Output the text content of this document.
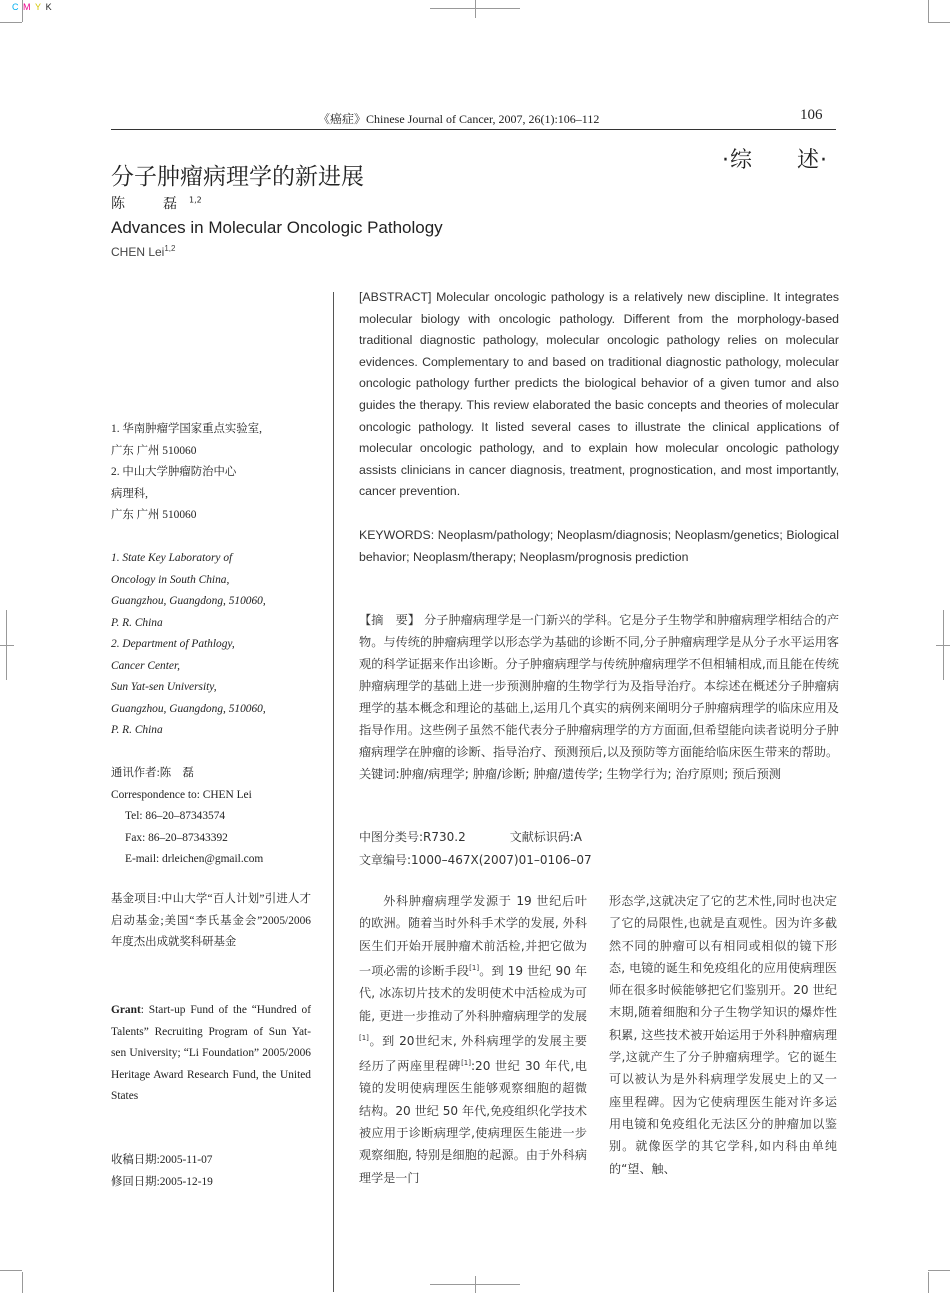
C M Y K
《癌症》Chinese Journal of Cancer, 2007, 26(1):106–112	106
·综 述·
分子肿瘤病理学的新进展
陈　磊$^{1,2}$
Advances in Molecular Oncologic Pathology
CHEN Lei$^{1,2}$
1. 华南肿瘤学国家重点实验室,
广东 广州 510060
2. 中山大学肿瘤防治中心
病理科,
广东 广州 510060
1. State Key Laboratory of
Oncology in South China,
Guangzhou, Guangdong, 510060,
P. R. China
2. Department of Pathlogy,
Cancer Center,
Sun Yat-sen University,
Guangzhou, Guangdong, 510060,
P. R. China
通讯作者:陈　磊
Correspondence to: CHEN Lei
Tel: 86–20–87343574
Fax: 86–20–87343392
E-mail: drleichen@gmail.com
基金项目:中山大学“百人计划”引进人才启动基金;美国“李氏基金会”2005/2006 年度杰出成就奖科研基金
Grant: Start-up Fund of the “Hundred of Talents” Recruiting Program of Sun Yat-sen University; “Li Foundation” 2005/2006 Heritage Award Research Fund, the United States
收稿日期:2005-11-07
修回日期:2005-12-19
[ABSTRACT] Molecular oncologic pathology is a relatively new discipline. It integrates molecular biology with oncologic pathology. Different from the morphology-based traditional diagnostic pathology, molecular oncologic pathology relies on molecular evidences. Complementary to and based on traditional diagnostic pathology, molecular oncologic pathology further predicts the biological behavior of a given tumor and also guides the therapy. This review elaborated the basic concepts and theories of molecular oncologic pathology. It listed several cases to illustrate the clinical applications of molecular oncologic pathology, and to explain how molecular oncologic pathology assists clinicians in cancer diagnosis, treatment, prognostication, and most importantly, cancer prevention.
KEYWORDS: Neoplasm/pathology; Neoplasm/diagnosis; Neoplasm/genetics; Biological behavior; Neoplasm/therapy; Neoplasm/prognosis prediction
【摘　要】 分子肿瘤病理学是一门新兴的学科。它是分子生物学和肿瘤病理学相结合的产物。与传统的肿瘤病理学以形态学为基础的诊断不同,分子肿瘤病理学是从分子水平运用客观的科学证据来作出诊断。分子肿瘤病理学与传统肿瘤病理学不但相辅相成,而且能在传统肿瘤病理学的基础上进一步预测肿瘤的生物学行为及指导治疗。本综述在概述分子肿瘤病理学的基本概念和理论的基础上,运用几个真实的病例来阐明分子肿瘤病理学的临床应用及指导作用。这些例子虽然不能代表分子肿瘤病理学的方方面面,但希望能向读者说明分子肿瘤病理学在肿瘤的诊断、指导治疗、预测预后,以及预防等方面能给临床医生带来的帮助。
关键词:肿瘤/病理学; 肿瘤/诊断; 肿瘤/遗传学; 生物学行为; 治疗原则; 预后预测
中图分类号:R730.2	文献标识码:A
文章编号:1000–467X(2007)01–0106–07
外科肿瘤病理学发源于 19 世纪后叶的欧洲。随着当时外科手术学的发展, 外科医生们开始开展肿瘤术前活检,并把它做为一项必需的诊断手段[1]。到 19 世纪 90 年代, 冰冻切片技术的发明使术中活检成为可能, 更进一步推动了外科肿瘤病理学的发展[1]。到 20世纪末, 外科病理学的发展主要经历了两座里程碑[1]:20 世纪 30 年代,电镜的发明使病理医生能够观察细胞的超微结构。20 世纪 50 年代,免疫组织化学技术被应用于诊断病理学,使病理医生能进一步观察细胞, 特别是细胞的起源。由于外科病理学是一门
形态学,这就决定了它的艺术性,同时也决定了它的局限性,也就是直观性。因为许多截然不同的肿瘤可以有相同或相似的镜下形态, 电镜的诞生和免疫组化的应用使病理医师在很多时候能够把它们鉴别开。20 世纪末期,随着细胞和分子生物学知识的爆炸性积累, 这些技术被开始运用于外科肿瘤病理学,这就产生了分子肿瘤病理学。它的诞生可以被认为是外科病理学发展史上的又一座里程碑。因为它使病理医生能对许多运用电镜和免疫组化无法区分的肿瘤加以鉴别。就像医学的其它学科,如内科由单纯的“望、触、
